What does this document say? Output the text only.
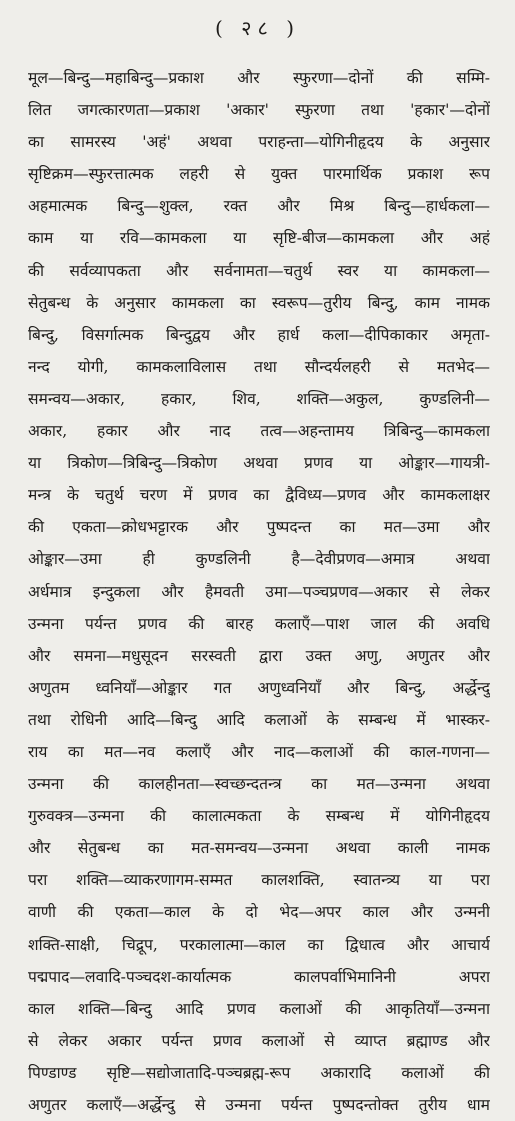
( २८ )
मूल—बिन्दु—महाबिन्दु—प्रकाश और स्फुरणा—दोनों की सम्मि-
लित जगत्कारणता—प्रकाश 'अकार' स्फुरणा तथा 'हकार'—दोनों
का सामरस्य 'अहं' अथवा पराहन्ता—योगिनीहृदय के अनुसार
सृष्टिक्रम—स्फुरत्तात्मक लहरी से युक्त पारमार्थिक प्रकाश रूप
अहमात्मक बिन्दु—शुक्ल, रक्त और मिश्र बिन्दु—हार्धकला—
काम या रवि—कामकला या सृष्टि-बीज—कामकला और अहं
की सर्वव्यापकता और सर्वनामता—चतुर्थ स्वर या कामकला—
सेतुबन्ध के अनुसार कामकला का स्वरूप—तुरीय बिन्दु, काम नामक
बिन्दु, विसर्गात्मक बिन्दुद्वय और हार्ध कला—दीपिकाकार अमृता-
नन्द योगी, कामकलाविलास तथा सौन्दर्यलहरी से मतभेद—
समन्वय—अकार, हकार, शिव, शक्ति—अकुल, कुण्डलिनी—
अकार, हकार और नाद तत्व—अहन्तामय त्रिबिन्दु—कामकला
या त्रिकोण—त्रिबिन्दु—त्रिकोण अथवा प्रणव या ओङ्कार—गायत्री-
मन्त्र के चतुर्थ चरण में प्रणव का द्वैविध्य—प्रणव और कामकलाक्षर
की एकता—क्रोधभट्टारक और पुष्पदन्त का मत—उमा और
ओङ्कार—उमा ही कुण्डलिनी है—देवीप्रणव—अमात्र अथवा
अर्धमात्र इन्दुकला और हैमवती उमा—पञ्चप्रणव—अकार से लेकर
उन्मना पर्यन्त प्रणव की बारह कलाएँ—पाश जाल की अवधि
और समना—मधुसूदन सरस्वती द्वारा उक्त अणु, अणुतर और
अणुतम ध्वनियाँ—ओङ्कार गत अणुध्वनियाँ और बिन्दु, अर्द्धेन्दु
तथा रोधिनी आदि—बिन्दु आदि कलाओं के सम्बन्ध में भास्कर-
राय का मत—नव कलाएँ और नाद—कलाओं की काल-गणना—
उन्मना की कालहीनता—स्वच्छन्दतन्त्र का मत—उन्मना अथवा
गुरुवक्त्र—उन्मना की कालात्मकता के सम्बन्ध में योगिनीहृदय
और सेतुबन्ध का मत-समन्वय—उन्मना अथवा काली नामक
परा शक्ति—व्याकरणागम-सम्मत कालशक्ति, स्वातन्त्र्य या परा
वाणी की एकता—काल के दो भेद—अपर काल और उन्मनी
शक्ति-साक्षी, चिद्रूप, परकालात्मा—काल का द्विधात्व और आचार्य
पद्मपाद—लवादि-पञ्चदश-कार्यात्मक कालपर्वाभिमानिनी अपरा
काल शक्ति—बिन्दु आदि प्रणव कलाओं की आकृतियाँ—उन्मना
से लेकर अकार पर्यन्त प्रणव कलाओं से व्याप्त ब्रह्माण्ड और
पिण्डाण्ड सृष्टि—सद्योजातादि-पञ्चब्रह्म-रूप अकारादि कलाओं की
अणुतर कलाएँ—अर्द्धेन्दु से उन्मना पर्यन्त पुष्पदन्तोक्त तुरीय धाम
